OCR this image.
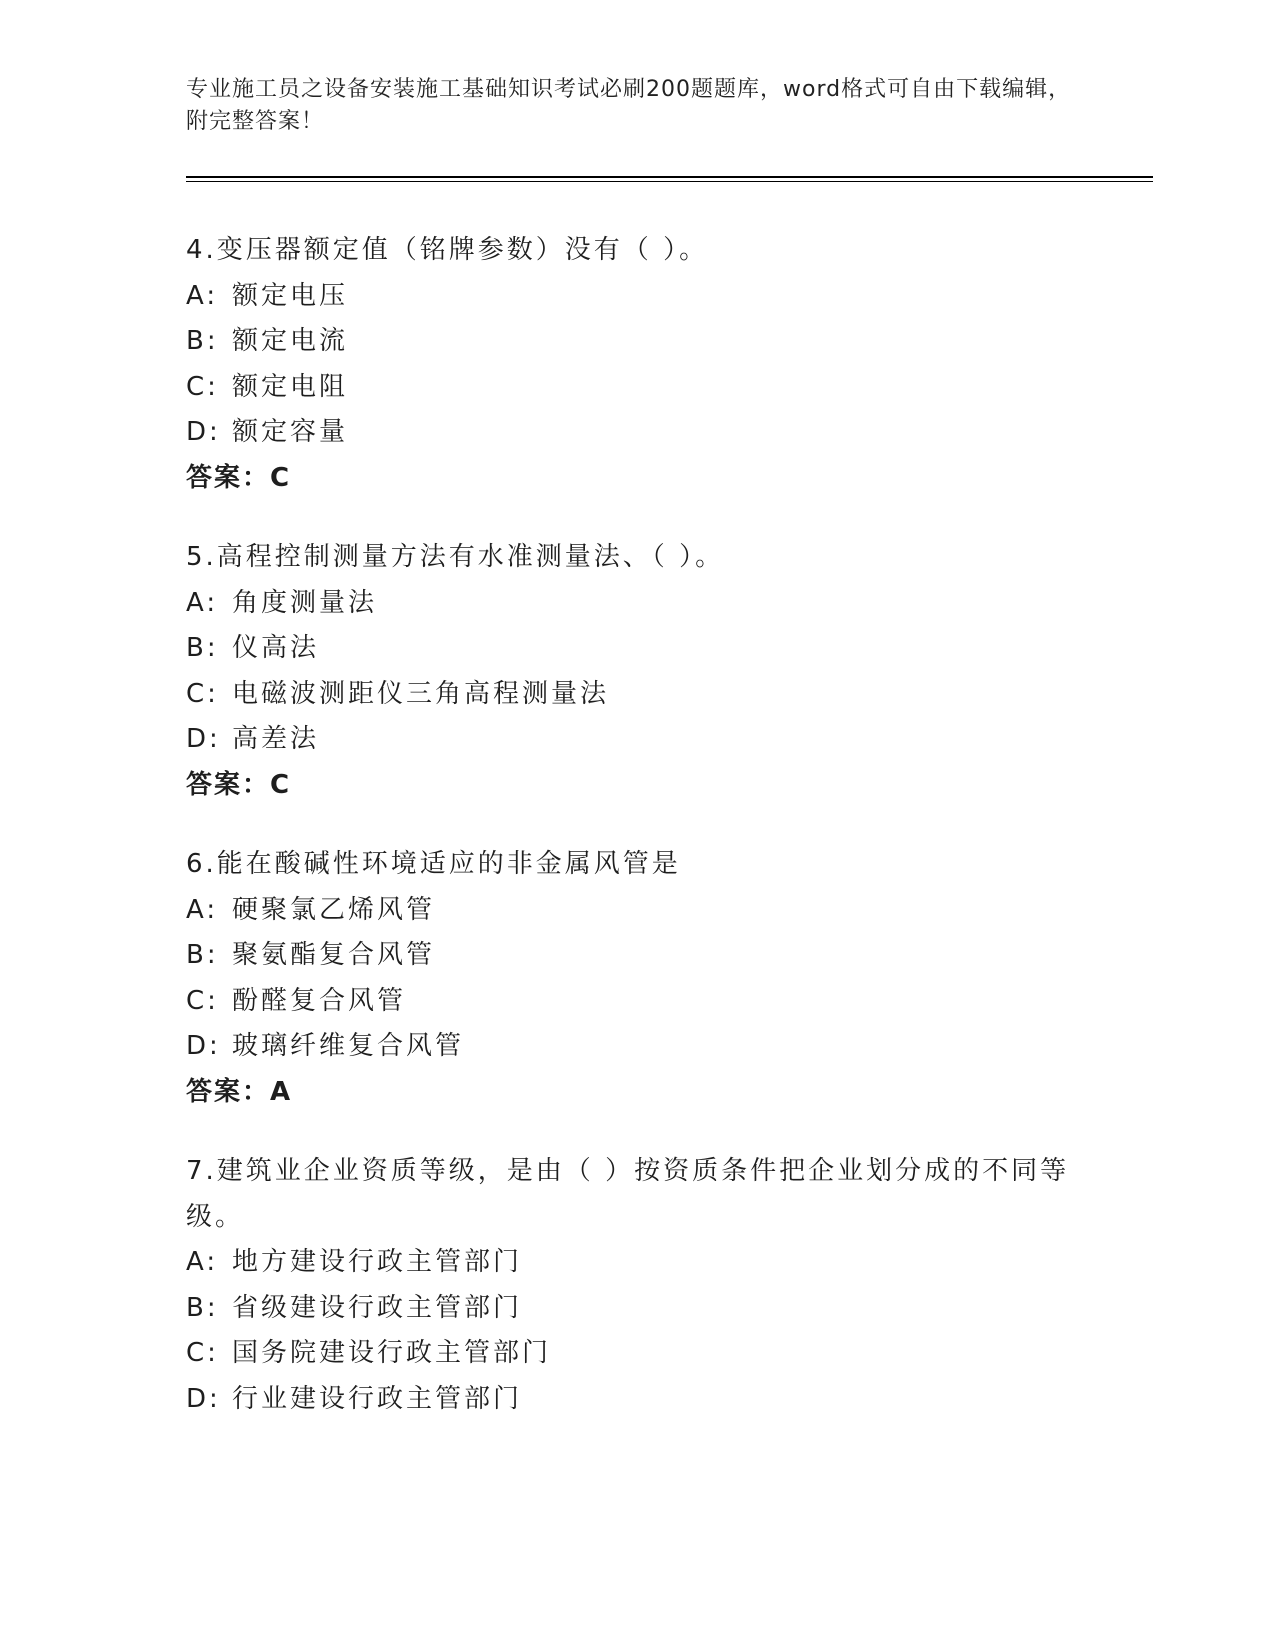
专业施工员之设备安装施工基础知识考试必刷200题题库，word格式可自由下载编辑，附完整答案！
4.变压器额定值（铭牌参数）没有（ ）。
A: 额定电压
B: 额定电流
C: 额定电阻
D: 额定容量
答案：C
5.高程控制测量方法有水准测量法、（ ）。
A: 角度测量法
B: 仪高法
C: 电磁波测距仪三角高程测量法
D: 高差法
答案：C
6.能在酸碱性环境适应的非金属风管是
A: 硬聚氯乙烯风管
B: 聚氨酯复合风管
C: 酚醛复合风管
D: 玻璃纤维复合风管
答案：A
7.建筑业企业资质等级，是由（ ）按资质条件把企业划分成的不同等级。
A: 地方建设行政主管部门
B: 省级建设行政主管部门
C: 国务院建设行政主管部门
D: 行业建设行政主管部门
